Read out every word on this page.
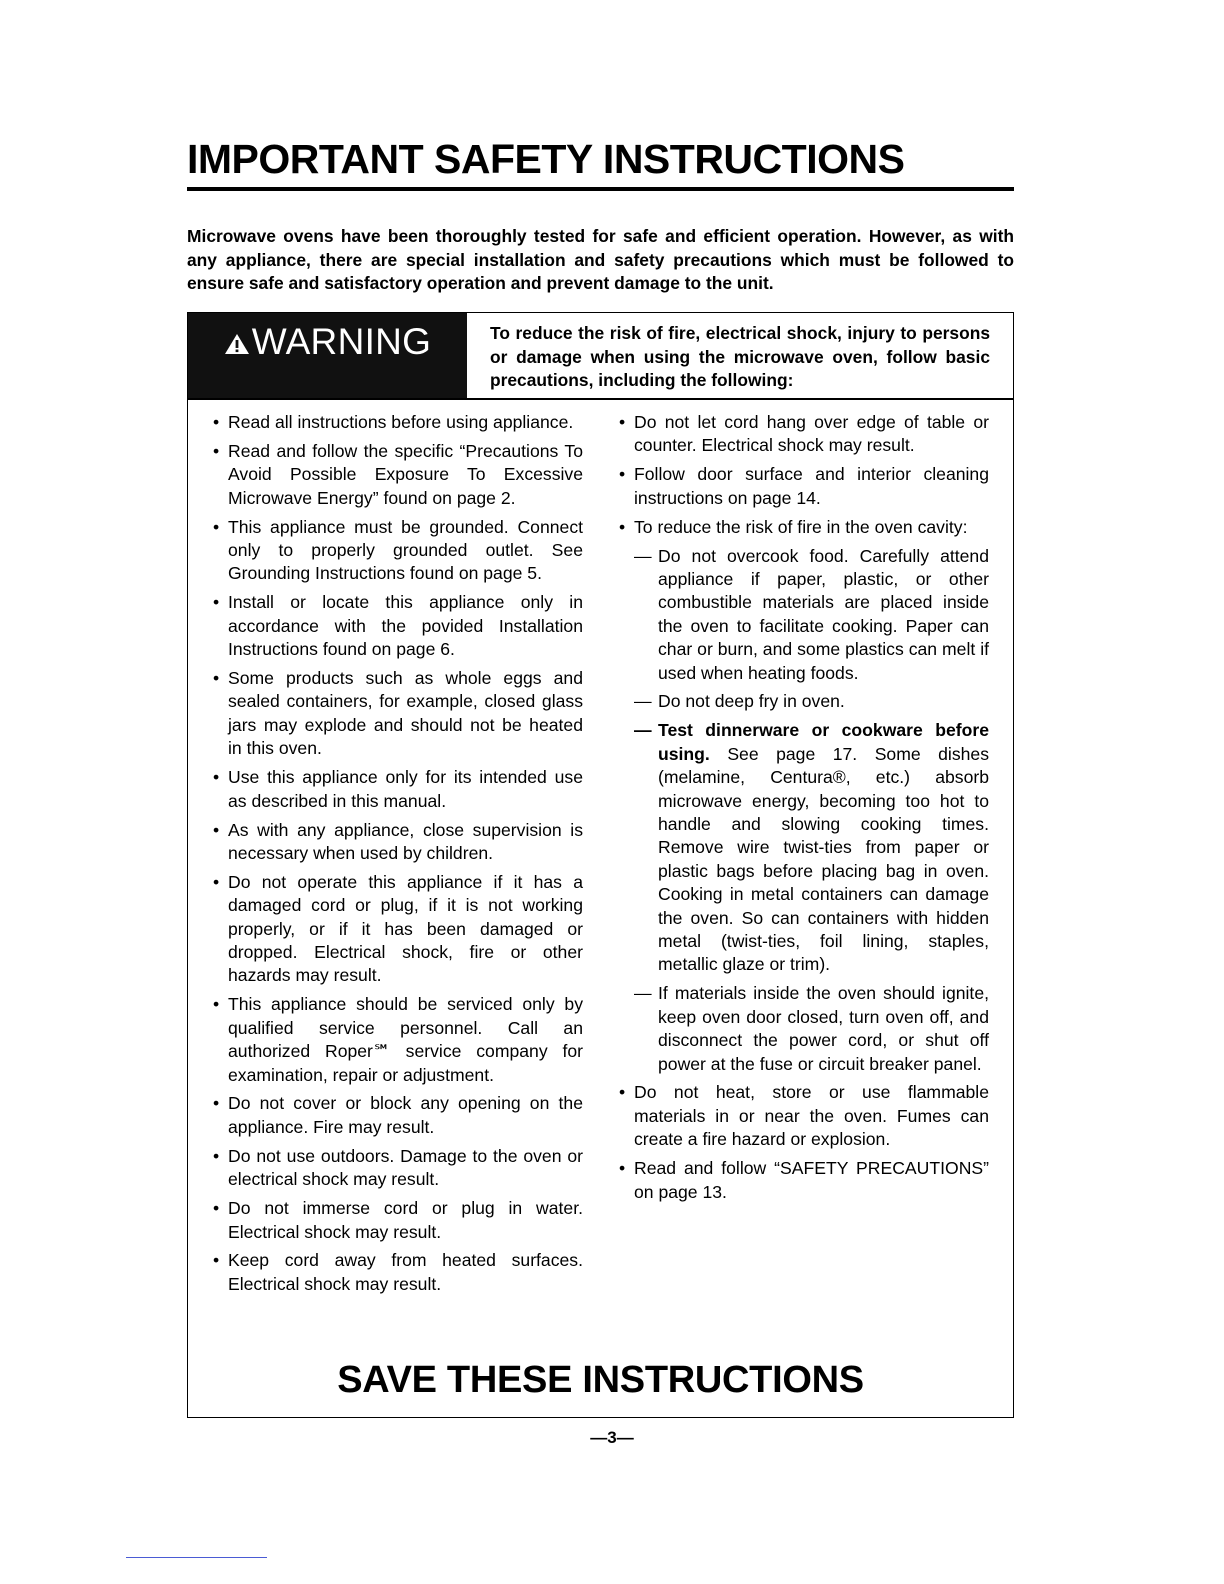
IMPORTANT SAFETY INSTRUCTIONS

Microwave ovens have been thoroughly tested for safe and efficient operation. However, as with any appliance, there are special installation and safety precautions which must be followed to ensure safe and satisfactory operation and prevent damage to the unit.

WARNING	To reduce the risk of fire, electrical shock, injury to persons or damage when using the microwave oven, follow basic precautions, including the following:

• Read all instructions before using appliance.
• Read and follow the specific “Precautions To Avoid Possible Exposure To Excessive Microwave Energy” found on page 2.
• This appliance must be grounded. Connect only to properly grounded outlet. See Grounding Instructions found on page 5.
• Install or locate this appliance only in accordance with the povided Installation Instructions found on page 6.
• Some products such as whole eggs and sealed containers, for example, closed glass jars may explode and should not be heated in this oven.
• Use this appliance only for its intended use as described in this manual.
• As with any appliance, close supervision is necessary when used by children.
• Do not operate this appliance if it has a damaged cord or plug, if it is not working properly, or if it has been damaged or dropped. Electrical shock, fire or other hazards may result.
• This appliance should be serviced only by qualified service personnel. Call an authorized Roper℠ service company for examination, repair or adjustment.
• Do not cover or block any opening on the appliance. Fire may result.
• Do not use outdoors. Damage to the oven or electrical shock may result.
• Do not immerse cord or plug in water. Electrical shock may result.
• Keep cord away from heated surfaces. Electrical shock may result.
• Do not let cord hang over edge of table or counter. Electrical shock may result.
• Follow door surface and interior cleaning instructions on page 14.
• To reduce the risk of fire in the oven cavity:
— Do not overcook food. Carefully attend appliance if paper, plastic, or other combustible materials are placed inside the oven to facilitate cooking. Paper can char or burn, and some plastics can melt if used when heating foods.
— Do not deep fry in oven.
— Test dinnerware or cookware before using. See page 17. Some dishes (melamine, Centura®, etc.) absorb microwave energy, becoming too hot to handle and slowing cooking times. Remove wire twist-ties from paper or plastic bags before placing bag in oven. Cooking in metal containers can damage the oven. So can containers with hidden metal (twist-ties, foil lining, staples, metallic glaze or trim).
— If materials inside the oven should ignite, keep oven door closed, turn oven off, and disconnect the power cord, or shut off power at the fuse or circuit breaker panel.
• Do not heat, store or use flammable materials in or near the oven. Fumes can create a fire hazard or explosion.
• Read and follow “SAFETY PRECAUTIONS” on page 13.
SAVE THESE INSTRUCTIONS
—3—
